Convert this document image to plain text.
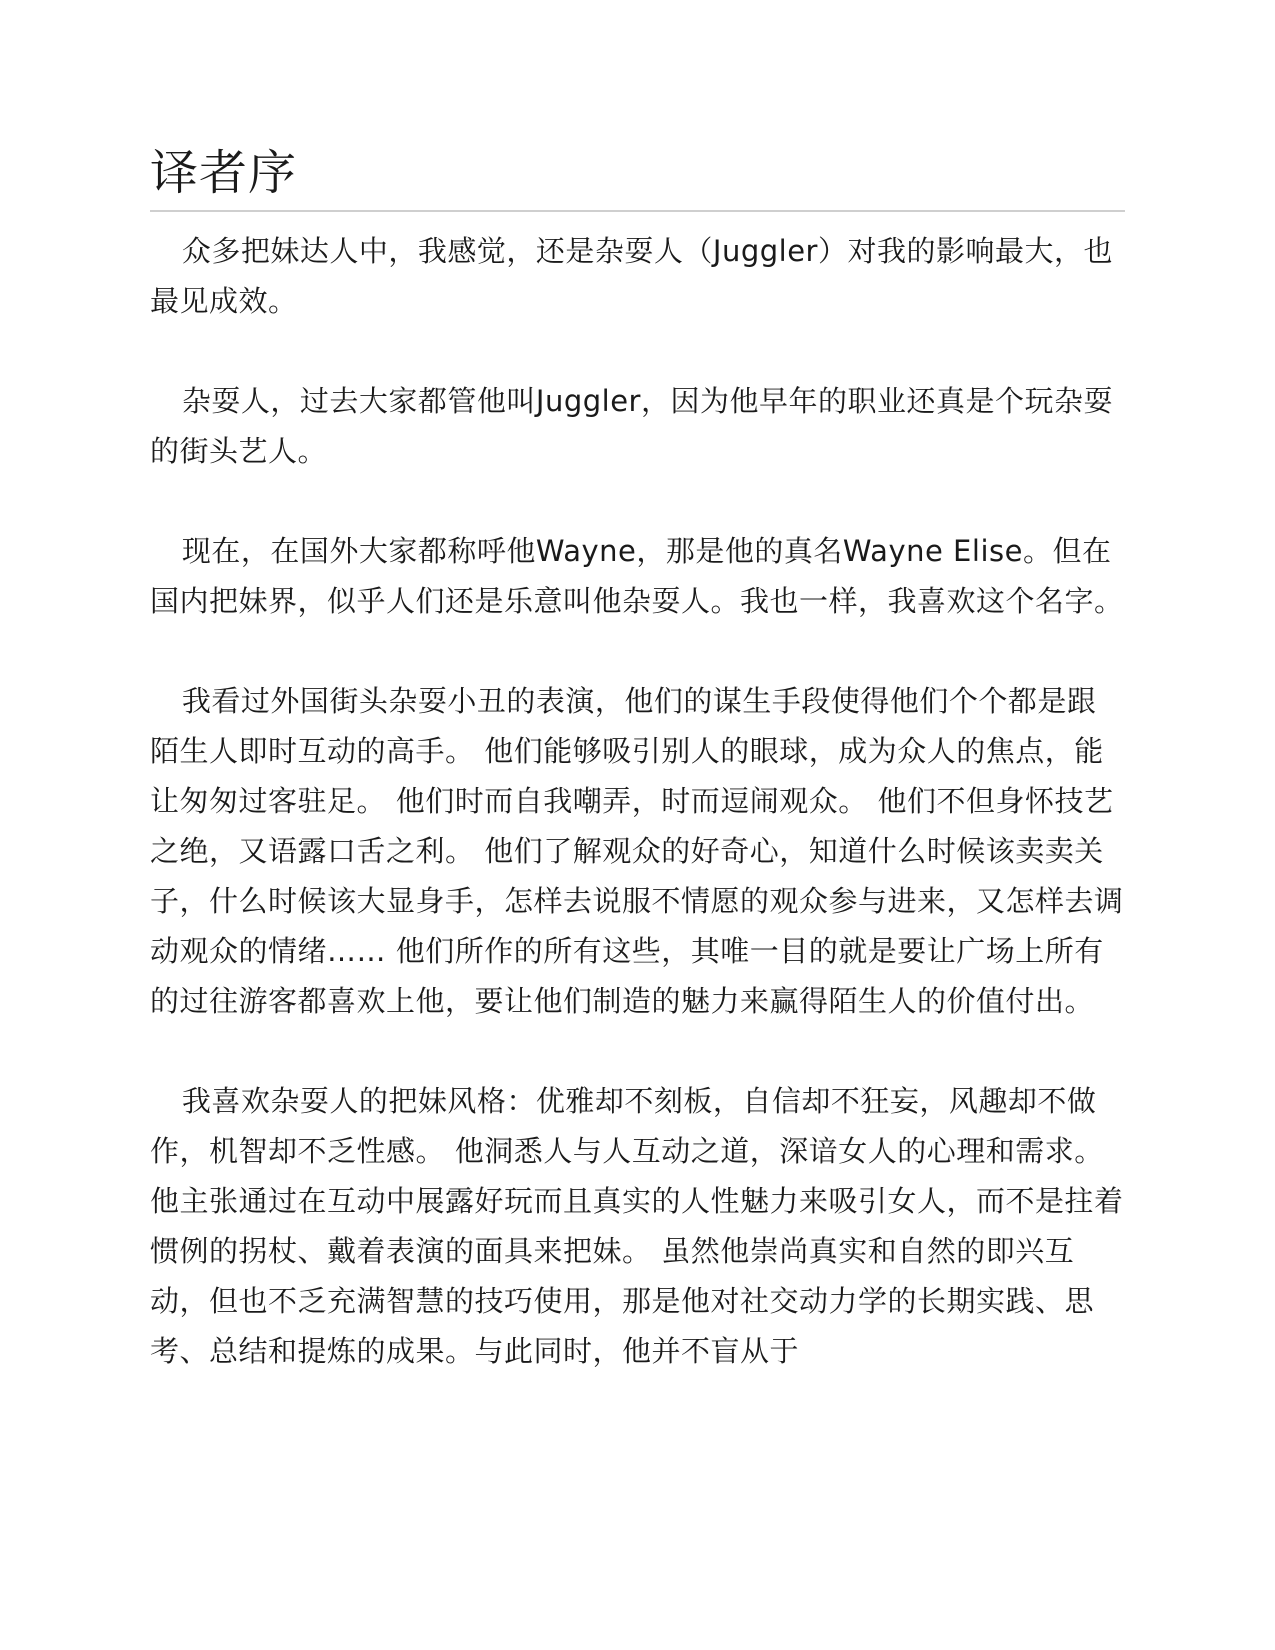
译者序

众多把妹达人中，我感觉，还是杂耍人（Juggler）对我的影响最大，也最见成效。

杂耍人，过去大家都管他叫Juggler，因为他早年的职业还真是个玩杂耍的街头艺人。

现在，在国外大家都称呼他Wayne，那是他的真名Wayne Elise。但在国内把妹界，似乎人们还是乐意叫他杂耍人。我也一样，我喜欢这个名字。

我看过外国街头杂耍小丑的表演，他们的谋生手段使得他们个个都是跟陌生人即时互动的高手。 他们能够吸引别人的眼球，成为众人的焦点，能让匆匆过客驻足。 他们时而自我嘲弄，时而逗闹观众。 他们不但身怀技艺之绝，又语露口舌之利。 他们了解观众的好奇心，知道什么时候该卖卖关子，什么时候该大显身手，怎样去说服不情愿的观众参与进来，又怎样去调动观众的情绪…… 他们所作的所有这些，其唯一目的就是要让广场上所有的过往游客都喜欢上他，要让他们制造的魅力来赢得陌生人的价值付出。

我喜欢杂耍人的把妹风格：优雅却不刻板，自信却不狂妄，风趣却不做作，机智却不乏性感。 他洞悉人与人互动之道，深谙女人的心理和需求。 他主张通过在互动中展露好玩而且真实的人性魅力来吸引女人，而不是拄着惯例的拐杖、戴着表演的面具来把妹。 虽然他崇尚真实和自然的即兴互动，但也不乏充满智慧的技巧使用，那是他对社交动力学的长期实践、思考、总结和提炼的成果。与此同时，他并不盲从于
